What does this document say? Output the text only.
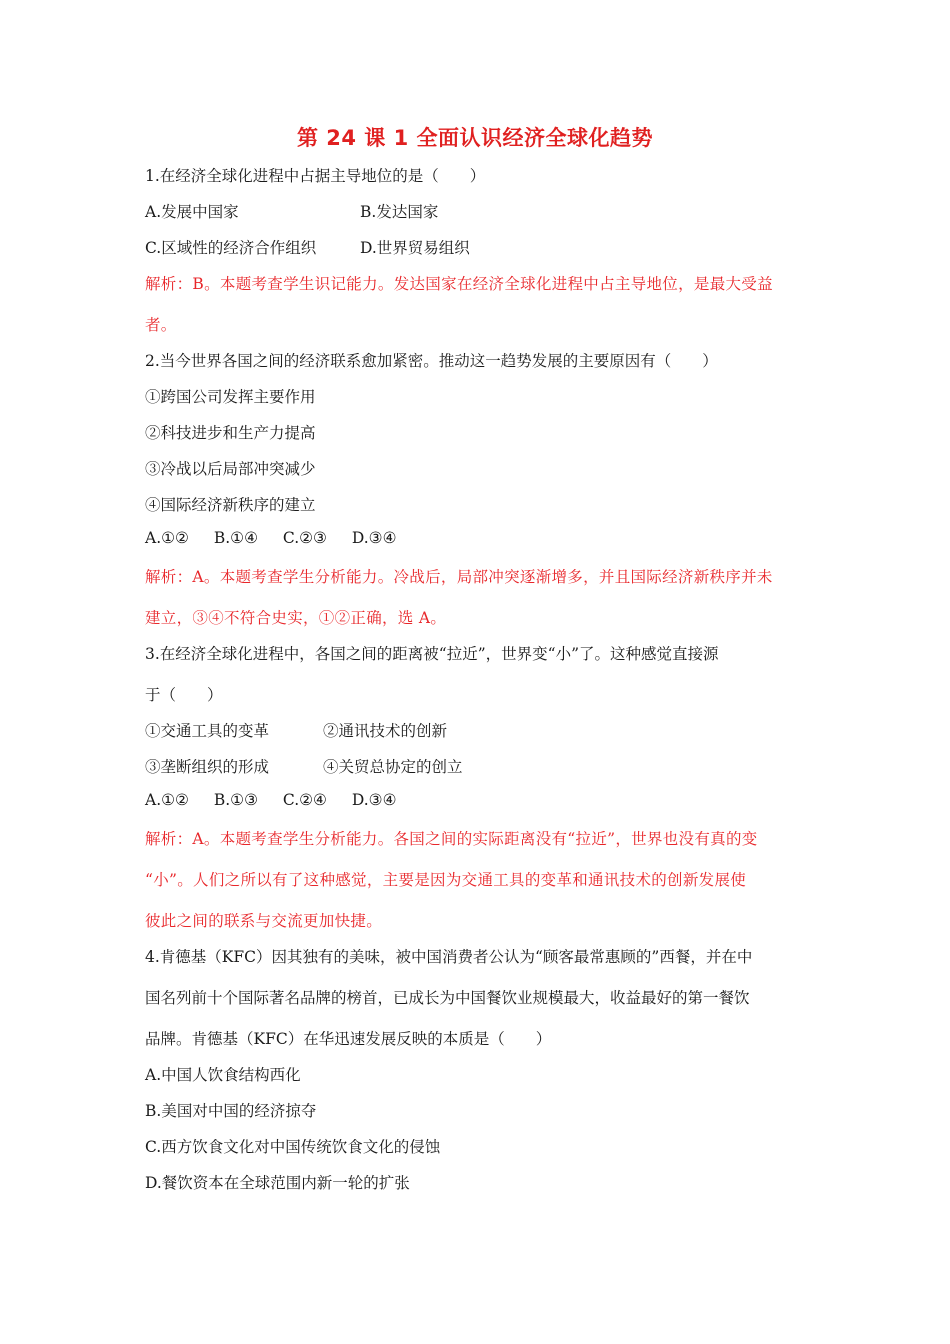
第 24 课 1 全面认识经济全球化趋势
1.在经济全球化进程中占据主导地位的是（　　）
A.发展中国家	B.发达国家
C.区域性的经济合作组织	D.世界贸易组织
解析：B。本题考查学生识记能力。发达国家在经济全球化进程中占主导地位，是最大受益
者。
2.当今世界各国之间的经济联系愈加紧密。推动这一趋势发展的主要原因有（　　）
①跨国公司发挥主要作用
②科技进步和生产力提高
③冷战以后局部冲突减少
④国际经济新秩序的建立
A.①② B.①④ C.②③ D.③④
解析：A。本题考查学生分析能力。冷战后，局部冲突逐渐增多，并且国际经济新秩序并未
建立，③④不符合史实，①②正确，选 A。
3.在经济全球化进程中，各国之间的距离被“拉近”，世界变“小”了。这种感觉直接源
于（　　）
①交通工具的变革	②通讯技术的创新
③垄断组织的形成	④关贸总协定的创立
A.①② B.①③ C.②④ D.③④
解析：A。本题考查学生分析能力。各国之间的实际距离没有“拉近”，世界也没有真的变
“小”。人们之所以有了这种感觉，主要是因为交通工具的变革和通讯技术的创新发展使
彼此之间的联系与交流更加快捷。
4.肯德基（KFC）因其独有的美味，被中国消费者公认为“顾客最常惠顾的”西餐，并在中
国名列前十个国际著名品牌的榜首，已成长为中国餐饮业规模最大，收益最好的第一餐饮
品牌。肯德基（KFC）在华迅速发展反映的本质是（　　）
A.中国人饮食结构西化
B.美国对中国的经济掠夺
C.西方饮食文化对中国传统饮食文化的侵蚀
D.餐饮资本在全球范围内新一轮的扩张
